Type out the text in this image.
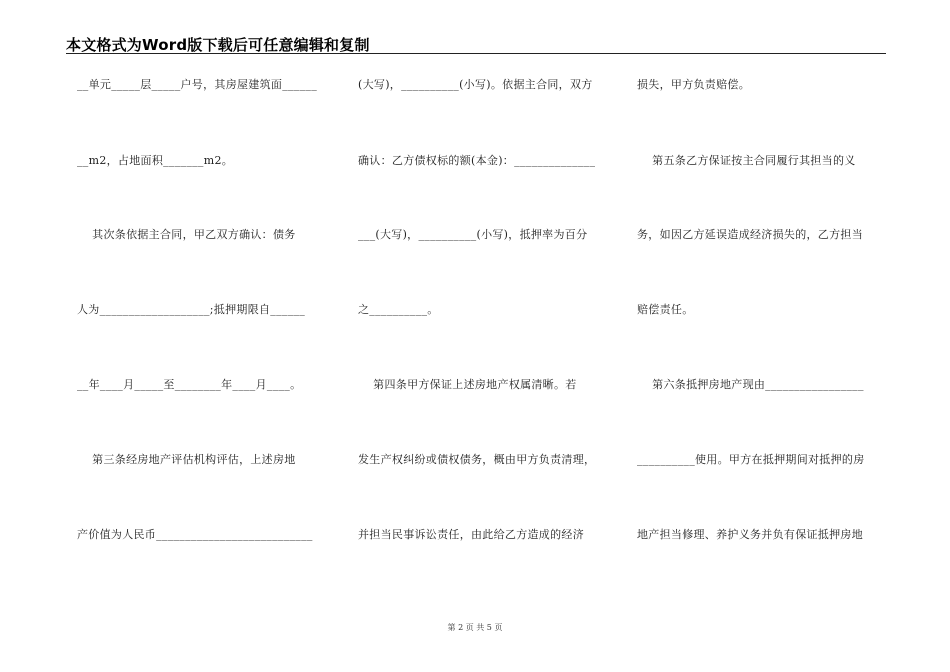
本文格式为Word版下载后可任意编辑和复制
__单元_____层_____户号，其房屋建筑面______
__m2，占地面积_______m2。
其次条依据主合同，甲乙双方确认：债务
人为___________________;抵押期限自______
__年____月_____至________年____月____。
第三条经房地产评估机构评估，上述房地
产价值为人民币___________________________
(大写)，__________(小写)。依据主合同，双方
确认：乙方债权标的额(本金)：______________
___(大写)，__________(小写)，抵押率为百分
之__________。
第四条甲方保证上述房地产权属清晰。若
发生产权纠纷或债权债务，概由甲方负责清理，
并担当民事诉讼责任，由此给乙方造成的经济
损失，甲方负责赔偿。
第五条乙方保证按主合同履行其担当的义
务，如因乙方延误造成经济损失的，乙方担当
赔偿责任。
第六条抵押房地产现由_________________
__________使用。甲方在抵押期间对抵押的房
地产担当修理、养护义务并负有保证抵押房地
第 2 页 共 5 页
